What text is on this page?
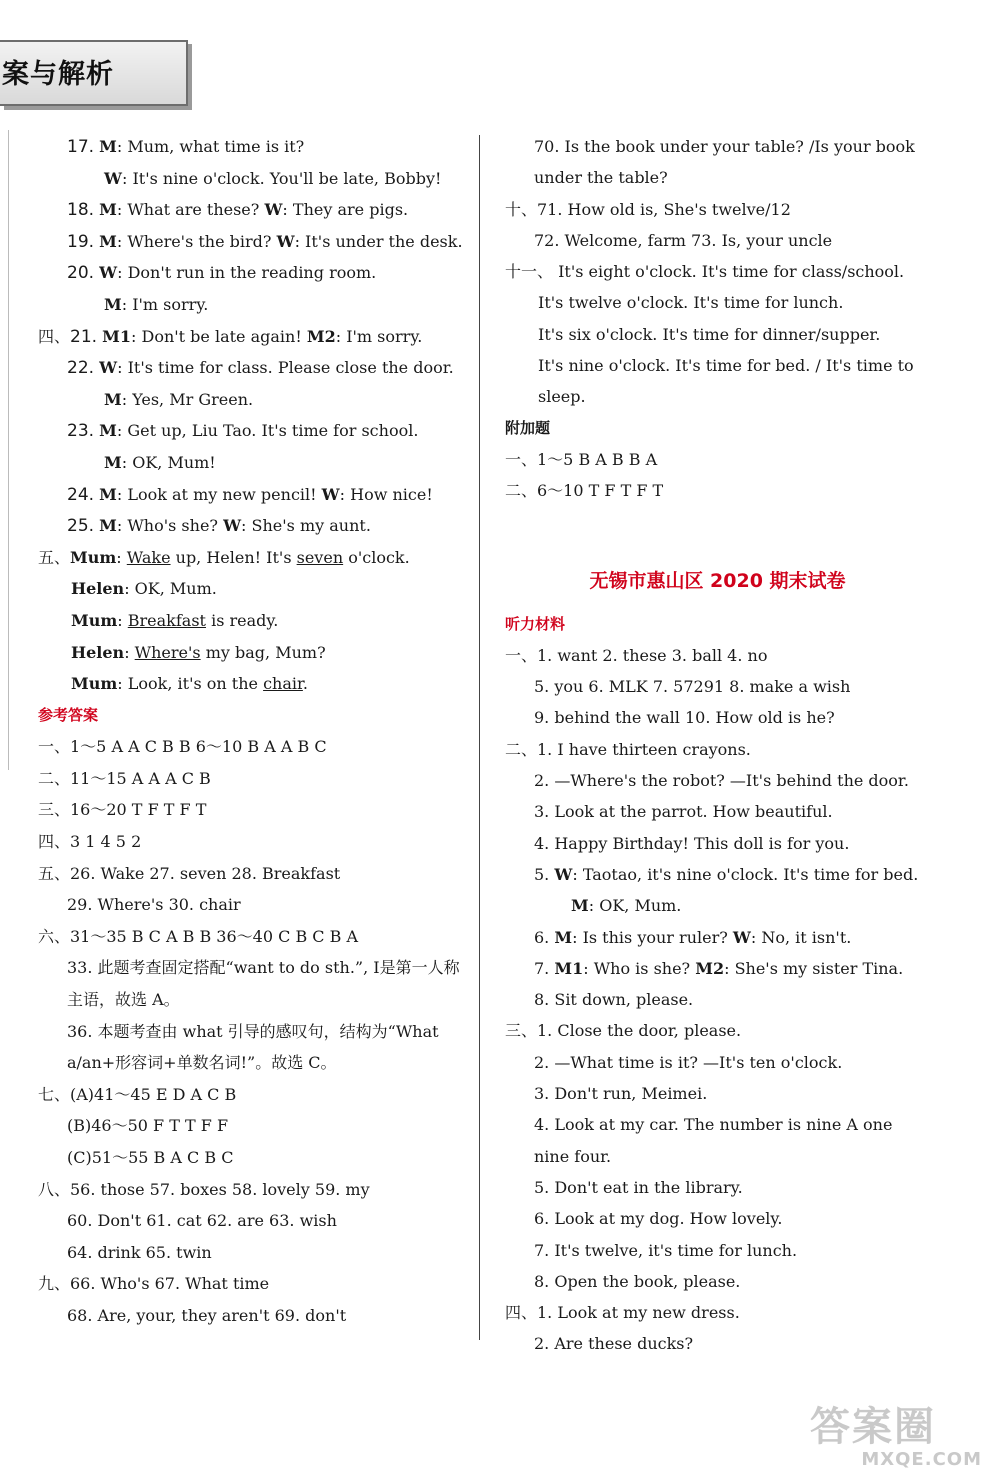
案与解析
17. M: Mum, what time is it?
W: It's nine o'clock. You'll be late, Bobby!
18. M: What are these? W: They are pigs.
19. M: Where's the bird? W: It's under the desk.
20. W: Don't run in the reading room.
M: I'm sorry.
四、21. M1: Don't be late again! M2: I'm sorry.
22. W: It's time for class. Please close the door.
M: Yes, Mr Green.
23. M: Get up, Liu Tao. It's time for school.
M: OK, Mum!
24. M: Look at my new pencil! W: How nice!
25. M: Who's she? W: She's my aunt.
五、Mum: Wake up, Helen! It's seven o'clock.
Helen: OK, Mum.
Mum: Breakfast is ready.
Helen: Where's my bag, Mum?
Mum: Look, it's on the chair.
参考答案
一、1～5 A A C B B 6～10 B A A B C
二、11～15 A A A C B
三、16～20 T F T F T
四、3 1 4 5 2
五、26. Wake 27. seven 28. Breakfast
29. Where's 30. chair
六、31～35 B C A B B 36～40 C B C B A
33. 此题考查固定搭配“want to do sth.”, I是第一人称主语，故选 A。
36. 本题考查由 what 引导的感叹句，结构为“What a/an+形容词+单数名词!”。故选 C。
七、(A)41～45 E D A C B
(B)46～50 F T T F F
(C)51～55 B A C B C
八、56. those 57. boxes 58. lovely 59. my
60. Don't 61. cat 62. are 63. wish
64. drink 65. twin
九、66. Who's 67. What time
68. Are, your, they aren't 69. don't
70. Is the book under your table? /Is your book under the table?
十、71. How old is, She's twelve/12
72. Welcome, farm 73. Is, your uncle
十一、 It's eight o'clock. It's time for class/school.
It's twelve o'clock. It's time for lunch.
It's six o'clock. It's time for dinner/supper.
It's nine o'clock. It's time for bed. / It's time to sleep.
附加题
一、1～5 B A B B A
二、6～10 T F T F T
无锡市惠山区 2020 期末试卷
听力材料
一、1. want 2. these 3. ball 4. no
5. you 6. MLK 7. 57291 8. make a wish
9. behind the wall 10. How old is he?
二、1. I have thirteen crayons.
2. —Where's the robot? —It's behind the door.
3. Look at the parrot. How beautiful.
4. Happy Birthday! This doll is for you.
5. W: Taotao, it's nine o'clock. It's time for bed.
M: OK, Mum.
6. M: Is this your ruler? W: No, it isn't.
7. M1: Who is she? M2: She's my sister Tina.
8. Sit down, please.
三、1. Close the door, please.
2. —What time is it? —It's ten o'clock.
3. Don't run, Meimei.
4. Look at my car. The number is nine A one nine four.
5. Don't eat in the library.
6. Look at my dog. How lovely.
7. It's twelve, it's time for lunch.
8. Open the book, please.
四、1. Look at my new dress.
2. Are these ducks?
答案圈
MXQE.COM
